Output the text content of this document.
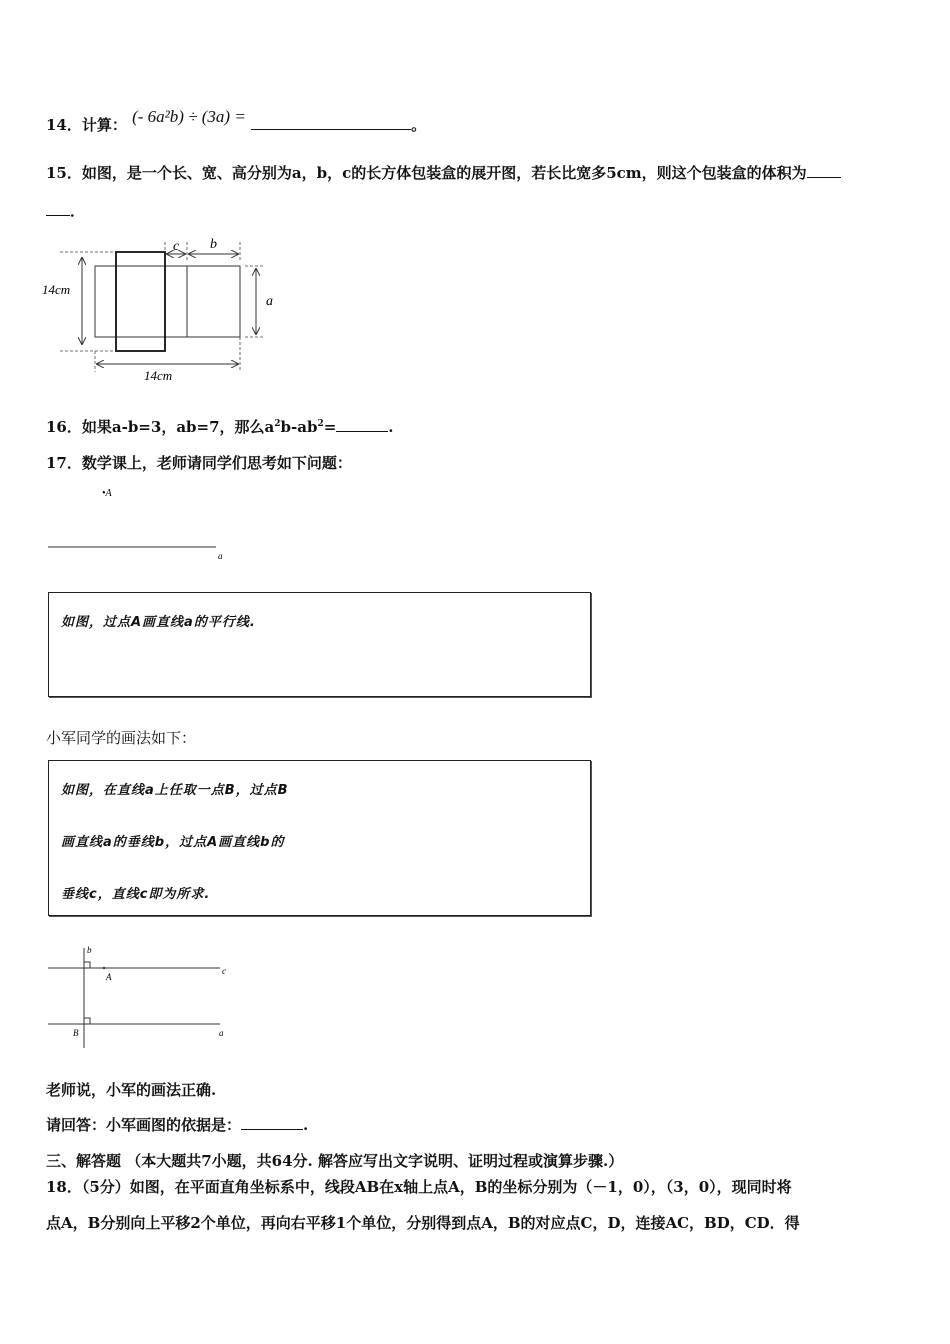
14．计算： (- 6a²b) ÷ (3a) =	。
15．如图，是一个长、宽、高分别为a，b，c的长方体包装盒的展开图，若长比宽多5cm，则这个包装盒的体积为
．
14cm
14cm
c b
a
16．如果a-b=3，ab=7，那么$a^2b-ab^2=$	.
17．数学课上，老师请同学们思考如下问题：
•A
a
如图，过点A画直线a的平行线.
小军同学的画法如下：
如图，在直线a上任取一点B，过点B
画直线a的垂线b，过点A画直线b的
垂线c，直线c即为所求.
b
c
A
B	a
老师说，小军的画法正确.
请回答：小军画图的依据是：	.
三、解答题 （本大题共7小题，共64分. 解答应写出文字说明、证明过程或演算步骤.）
18．（5分）如图，在平面直角坐标系中，线段AB在x轴上点A，B的坐标分别为（－1，0），（3，0），现同时将
点A，B分别向上平移2个单位，再向右平移1个单位，分别得到点A，B的对应点C，D，连接AC，BD，CD．得
